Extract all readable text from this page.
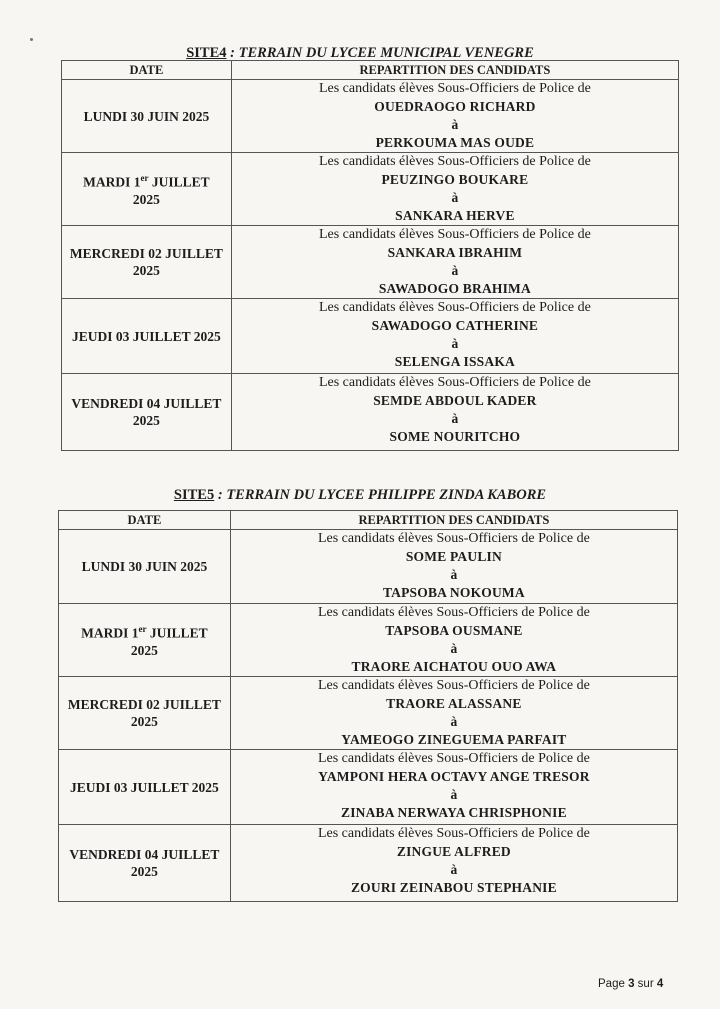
SITE4 : TERRAIN DU LYCEE MUNICIPAL VENEGRE
DATE	REPARTITION DES CANDIDATS
LUNDI 30 JUIN 2025	Les candidats élèves Sous-Officiers de Police de
OUEDRAOGO RICHARD
à
PERKOUMA MAS OUDE

MARDI 1er JUILLET
2025	Les candidats élèves Sous-Officiers de Police de
PEUZINGO BOUKARE
à
SANKARA HERVE

MERCREDI 02 JUILLET
2025	Les candidats élèves Sous-Officiers de Police de
SANKARA IBRAHIM
à
SAWADOGO BRAHIMA

JEUDI 03 JUILLET 2025	Les candidats élèves Sous-Officiers de Police de
SAWADOGO CATHERINE
à
SELENGA ISSAKA

VENDREDI 04 JUILLET
2025	Les candidats élèves Sous-Officiers de Police de
SEMDE ABDOUL KADER
à
SOME NOURITCHO
SITE5 : TERRAIN DU LYCEE PHILIPPE ZINDA KABORE
DATE	REPARTITION DES CANDIDATS
LUNDI 30 JUIN 2025	Les candidats élèves Sous-Officiers de Police de
SOME PAULIN
à
TAPSOBA NOKOUMA

MARDI 1er JUILLET
2025	Les candidats élèves Sous-Officiers de Police de
TAPSOBA OUSMANE
à
TRAORE AICHATOU OUO AWA

MERCREDI 02 JUILLET
2025	Les candidats élèves Sous-Officiers de Police de
TRAORE ALASSANE
à
YAMEOGO ZINEGUEMA PARFAIT

JEUDI 03 JUILLET 2025	Les candidats élèves Sous-Officiers de Police de
YAMPONI HERA OCTAVY ANGE TRESOR
à
ZINABA NERWAYA CHRISPHONIE

VENDREDI 04 JUILLET
2025	Les candidats élèves Sous-Officiers de Police de
ZINGUE ALFRED
à
ZOURI ZEINABOU STEPHANIE
Page 3 sur 4
